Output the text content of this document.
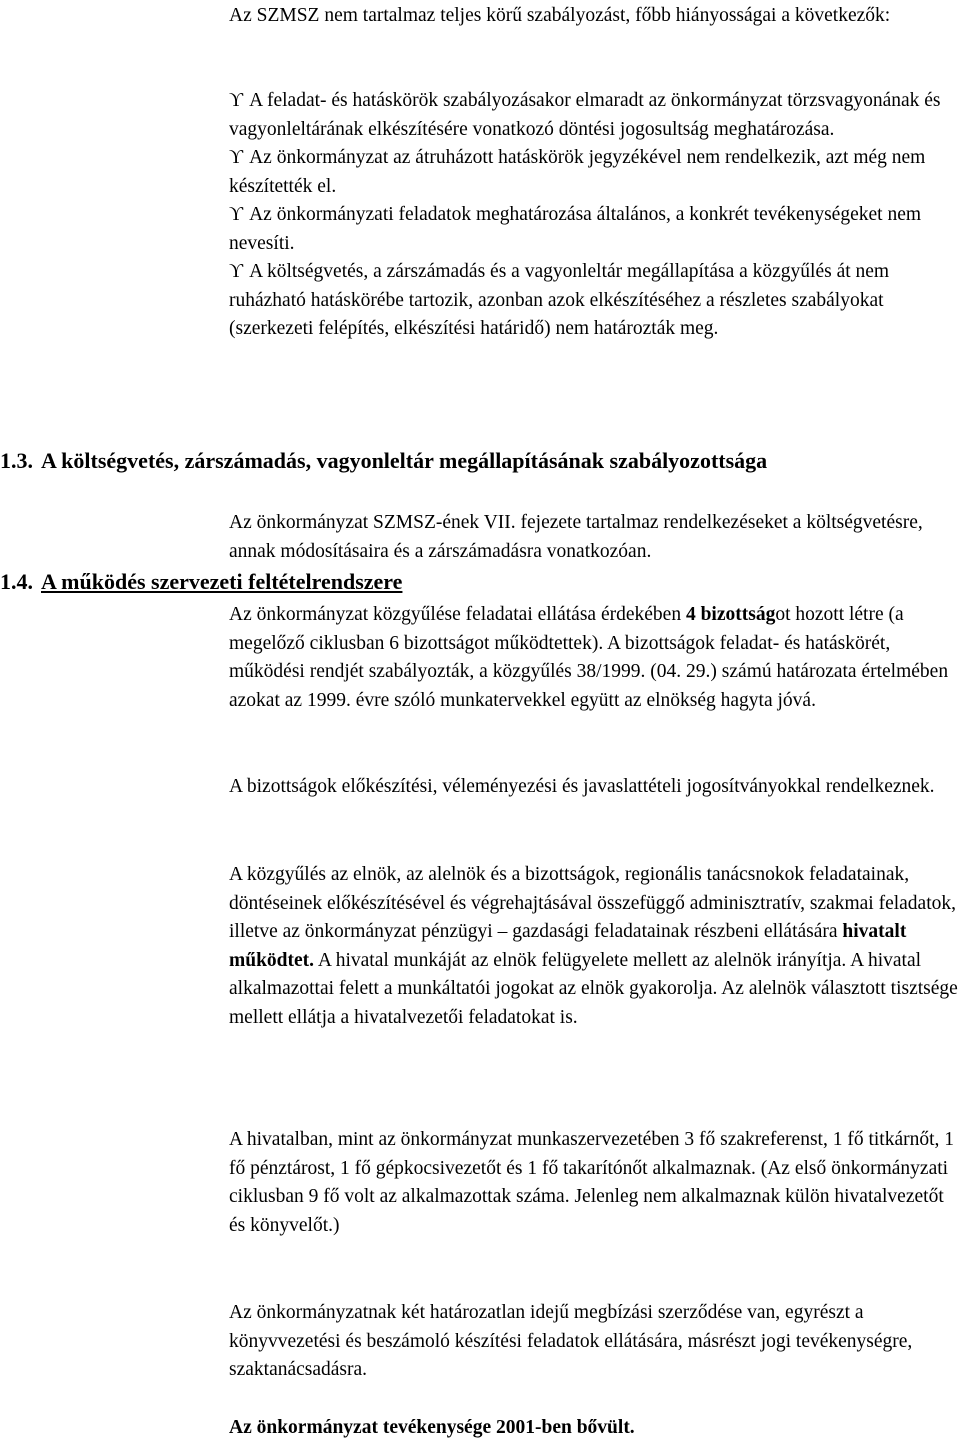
Az SZMSZ nem tartalmaz teljes körű szabályozást, főbb hiányosságai a következők:

ϒ A feladat- és hatáskörök szabályozásakor elmaradt az önkormányzat törzsvagyonának és vagyonleltárának elkészítésére vonatkozó döntési jogosultság meghatározása.

ϒ Az önkormányzat az átruházott hatáskörök jegyzékével nem rendelkezik, azt még nem készítették el.

ϒ Az önkormányzati feladatok meghatározása általános, a konkrét tevékenységeket nem nevesíti.

ϒ A költségvetés, a zárszámadás és a vagyonleltár megállapítása a közgyűlés át nem ruházható hatáskörébe tartozik, azonban azok elkészítéséhez a részletes szabályokat (szerkezeti felépítés, elkészítési határidő) nem határozták meg.

1.3. A költségvetés, zárszámadás, vagyonleltár megállapításának szabályozottsága

Az önkormányzat SZMSZ-ének VII. fejezete tartalmaz rendelkezéseket a költségvetésre, annak módosításaira és a zárszámadásra vonatkozóan.

1.4. A működés szervezeti feltételrendszere

Az önkormányzat közgyűlése feladatai ellátása érdekében 4 bizottságot hozott létre (a megelőző ciklusban 6 bizottságot működtettek). A bizottságok feladat- és hatáskörét, működési rendjét szabályozták, a közgyűlés 38/1999. (04. 29.) számú határozata értelmében azokat az 1999. évre szóló munkatervekkel együtt az elnökség hagyta jóvá.

A bizottságok előkészítési, véleményezési és javaslattételi jogosítványokkal rendelkeznek.

A közgyűlés az elnök, az alelnök és a bizottságok, regionális tanácsnokok feladatainak, döntéseinek előkészítésével és végrehajtásával összefüggő adminisztratív, szakmai feladatok, illetve az önkormányzat pénzügyi – gazdasági feladatainak részbeni ellátására hivatalt működtet. A hivatal munkáját az elnök felügyelete mellett az alelnök irányítja. A hivatal alkalmazottai felett a munkáltatói jogokat az elnök gyakorolja. Az alelnök választott tisztsége mellett ellátja a hivatalvezetői feladatokat is.

A hivatalban, mint az önkormányzat munkaszervezetében 3 fő szakreferenst, 1 fő titkárnőt, 1 fő pénztárost, 1 fő gépkocsivezetőt és 1 fő takarítónőt alkalmaznak. (Az első önkormányzati ciklusban 9 fő volt az alkalmazottak száma. Jelenleg nem alkalmaznak külön hivatalvezetőt és könyvelőt.)

Az önkormányzatnak két határozatlan idejű megbízási szerződése van, egyrészt a könyvvezetési és beszámoló készítési feladatok ellátására, másrészt jogi tevékenységre, szaktanácsadásra.

Az önkormányzat tevékenysége 2001-ben bővült.
